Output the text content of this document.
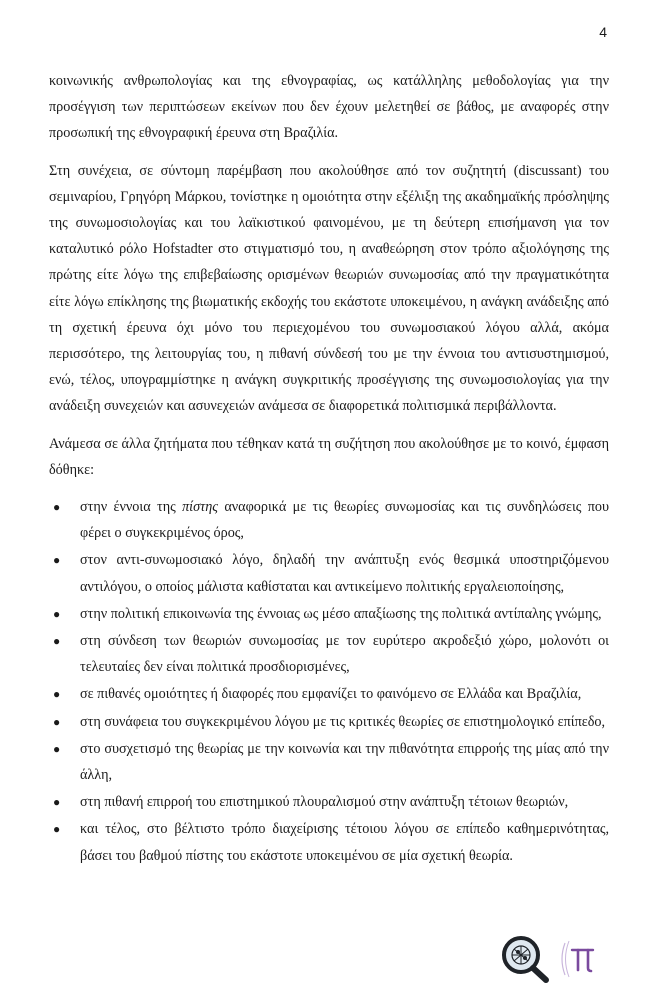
4

κοινωνικής ανθρωπολογίας και της εθνογραφίας, ως κατάλληλης μεθοδολογίας για την προσέγγιση των περιπτώσεων εκείνων που δεν έχουν μελετηθεί σε βάθος, με αναφορές στην προσωπική της εθνογραφική έρευνα στη Βραζιλία.

Στη συνέχεια, σε σύντομη παρέμβαση που ακολούθησε από τον συζητητή (discussant) του σεμιναρίου, Γρηγόρη Μάρκου, τονίστηκε η ομοιότητα στην εξέλιξη της ακαδημαϊκής πρόσληψης της συνωμοσιολογίας και του λαϊκιστικού φαινομένου, με τη δεύτερη επισήμανση για τον καταλυτικό ρόλο Hofstadter στο στιγματισμό του, η αναθεώρηση στον τρόπο αξιολόγησης της πρώτης είτε λόγω της επιβεβαίωσης ορισμένων θεωριών συνωμοσίας από την πραγματικότητα είτε λόγω επίκλησης της βιωματικής εκδοχής του εκάστοτε υποκειμένου, η ανάγκη ανάδειξης από τη σχετική έρευνα όχι μόνο του περιεχομένου του συνωμοσιακού λόγου αλλά, ακόμα περισσότερο, της λειτουργίας του, η πιθανή σύνδεσή του με την έννοια του αντισυστημισμού, ενώ, τέλος, υπογραμμίστηκε η ανάγκη συγκριτικής προσέγγισης της συνωμοσιολογίας για την ανάδειξη συνεχειών και ασυνεχειών ανάμεσα σε διαφορετικά πολιτισμικά περιβάλλοντα.

Ανάμεσα σε άλλα ζητήματα που τέθηκαν κατά τη συζήτηση που ακολούθησε με το κοινό, έμφαση δόθηκε:

● στην έννοια της πίστης αναφορικά με τις θεωρίες συνωμοσίας και τις συνδηλώσεις που φέρει ο συγκεκριμένος όρος,
● στον αντι-συνωμοσιακό λόγο, δηλαδή την ανάπτυξη ενός θεσμικά υποστηριζόμενου αντιλόγου, ο οποίος μάλιστα καθίσταται και αντικείμενο πολιτικής εργαλειοποίησης,
● στην πολιτική επικοινωνία της έννοιας ως μέσο απαξίωσης της πολιτικά αντίπαλης γνώμης,
● στη σύνδεση των θεωριών συνωμοσίας με τον ευρύτερο ακροδεξιό χώρο, μολονότι οι τελευταίες δεν είναι πολιτικά προσδιορισμένες,
● σε πιθανές ομοιότητες ή διαφορές που εμφανίζει το φαινόμενο σε Ελλάδα και Βραζιλία,
● στη συνάφεια του συγκεκριμένου λόγου με τις κριτικές θεωρίες σε επιστημολογικό επίπεδο,
● στο συσχετισμό της θεωρίας με την κοινωνία και την πιθανότητα επιρροής της μίας από την άλλη,
● στη πιθανή επιρροή του επιστημικού πλουραλισμού στην ανάπτυξη τέτοιων θεωριών,
● και τέλος, στο βέλτιστο τρόπο διαχείρισης τέτοιου λόγου σε επίπεδο καθημερινότητας, βάσει του βαθμού πίστης του εκάστοτε υποκειμένου σε μία σχετική θεωρία.
